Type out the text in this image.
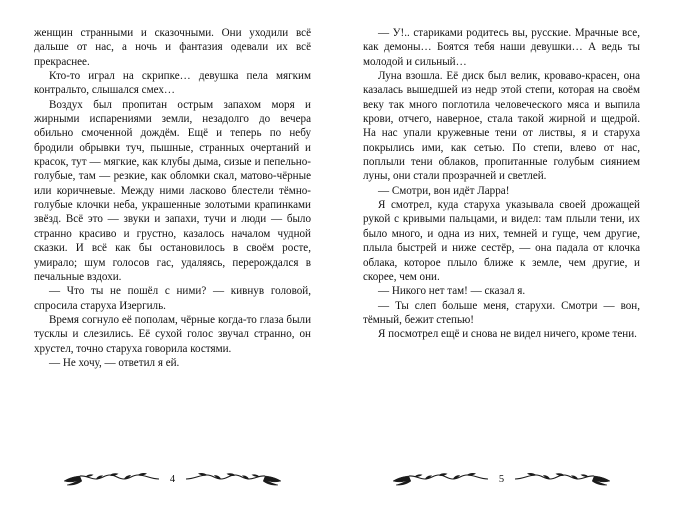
женщин странными и сказочными. Они уходили всё дальше от нас, а ночь и фантазия одевали их всё прекраснее.

Кто-то играл на скрипке… девушка пела мягким контральто, слышался смех…

Воздух был пропитан острым запахом моря и жирными испарениями земли, незадолго до вечера обильно смоченной дождём. Ещё и теперь по небу бродили обрывки туч, пышные, странных очертаний и красок, тут — мягкие, как клубы дыма, сизые и пепельно-голубые, там — резкие, как обломки скал, матово-чёрные или коричневые. Между ними ласково блестели тёмно-голубые клочки неба, украшенные золотыми крапинками звёзд. Всё это — звуки и запахи, тучи и люди — было странно красиво и грустно, казалось началом чудной сказки. И всё как бы остановилось в своём росте, умирало; шум голосов гас, удаляясь, перерождался в печальные вздохи.

— Что ты не пошёл с ними? — кивнув головой, спросила старуха Изергиль.

Время согнуло её пополам, чёрные когда-то глаза были тусклы и слезились. Её сухой голос звучал странно, он хрустел, точно старуха говорила костями.

— Не хочу, — ответил я ей.

4

— У!.. стариками родитесь вы, русские. Мрачные все, как демоны… Боятся тебя наши девушки… А ведь ты молодой и сильный…

Луна взошла. Её диск был велик, кроваво-красен, она казалась вышедшей из недр этой степи, которая на своём веку так много поглотила человеческого мяса и выпила крови, отчего, наверное, стала такой жирной и щедрой. На нас упали кружевные тени от листвы, я и старуха покрылись ими, как сетью. По степи, влево от нас, поплыли тени облаков, пропитанные голубым сиянием луны, они стали прозрачней и светлей.

— Смотри, вон идёт Ларра!

Я смотрел, куда старуха указывала своей дрожащей рукой с кривыми пальцами, и видел: там плыли тени, их было много, и одна из них, темней и гуще, чем другие, плыла быстрей и ниже сестёр, — она падала от клочка облака, которое плыло ближе к земле, чем другие, и скорее, чем они.

— Никого нет там! — сказал я.

— Ты слеп больше меня, старухи. Смотри — вон, тёмный, бежит степью!

Я посмотрел ещё и снова не видел ничего, кроме тени.

5
